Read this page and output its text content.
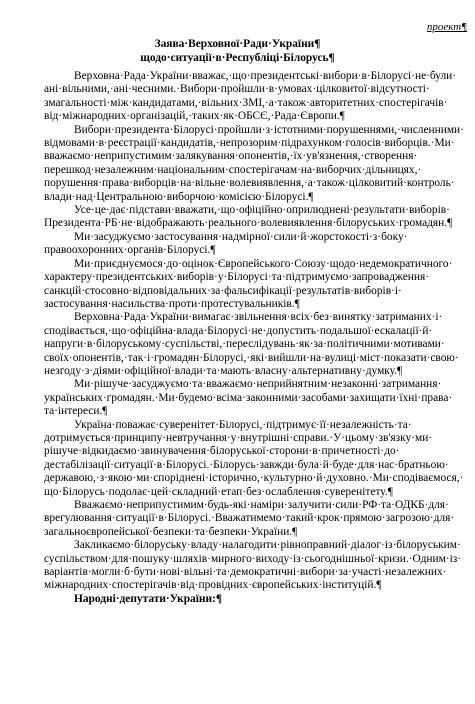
проект¶
Заява·Верховної·Ради·України¶
щодо·ситуації·в·Республіці·Білорусь¶

Верховна·​Рада·​України·​вважає,·​що·​президентські·​вибори·​в·​Білорусі·​не·​були·​ані·​вільними,·​ані·​чесними.·​Вибори·​пройшли·​в·​умовах·​цілковитої·​відсутності·​змагальності·​між·​кандидатами,·​вільних·​ЗМІ,·​а·​також·​авторитетних·​спостерігачів·​від·​міжнародних·​організацій,·​таких·​як·​ОБСЄ,·​Рада·​Європи.¶

Вибори·​президента·​Білорусі·​пройшли·​з·​істотними·​порушеннями,·​численними·​відмовами·​в·​реєстрації·​кандидатів,·​непрозорим·​підрахунком·​голосів·​виборців.·​Ми·​вважаємо·​неприпустимим·​залякування·​опонентів,·​їх·​ув'язнення,·​створення·​перешкод·​незалежним·​національним·​спостерігачам·​на·​виборчих·​дільницях,·​порушення·​права·​виборців·​на·​вільне·​волевиявлення,·​а·​також·​цілковитий·​контроль·​влади·​над·​Центральною·​виборчою·​комісією·​Білорусі.¶

Усе·​це·​дає·​підстави·​вважати,·​що·​офіційно·​оприлюднені·​результати·​виборів·​Президента·​РБ·​не·​відображають·​реального·​волевиявлення·​білоруських·​громадян.¶

Ми·​засуджуємо·​застосування·​надмірної·​сили·​й·​жорстокості·​з·​боку·​правоохоронних·​органів·​Білорусі.¶

Ми·​приєднуємося·​до·​оцінок·​Європейського·​Союзу·​щодо·​недемократичного·​характеру·​президентських·​виборів·​у·​Білорусі·​та·​підтримуємо·​запровадження·​санкцій·​стосовно·​відповідальних·​за·​фальсифікації·​результатів·​виборів·​і·​застосування·​насильства·​проти·​протестувальників.¶

Верховна·​Рада·​України·​вимагає·​звільнення·​всіх·​без·​винятку·​затриманих·​і·​сподівається,·​що·​офіційна·​влада·​Білорусі·​не·​допустить·​подальшої·​ескалації·​й·​напруги·​в·​білоруському·​суспільстві,·​переслідувань·​як·​за·​політичними·​мотивами·​своїх·​опонентів,·​так·​і·​громадян·​Білорусі,·​які·​вийшли·​на·​вулиці·​міст·​показати·​свою·​незгоду·​з·​діями·​офіційної·​влади·​та·​мають·​власну·​альтернативну·​думку.¶

Ми·​рішуче·​засуджуємо·​та·​вважаємо·​неприйнятним·​незаконні·​затримання·​українських·​громадян.·​Ми·​будемо·​всіма·​законними·​засобами·​захищати·​їхні·​права·​та·​інтереси.¶

Україна·​поважає·​суверенітет·​Білорусі,·​підтримує·​її·​незалежність·​та·​дотримується·​принципу·​невтручання·​у·​внутрішні·​справи.·​У·​цьому·​зв'язку·​ми·​рішуче·​відкидаємо·​звинувачення·​білоруської·​сторони·​в·​причетності·​до·​дестабілізації·​ситуації·​в·​Білорусі.·​Білорусь·​завжди·​була·​й·​буде·​для·​нас·​братньою·​державою,·​з·​якою·​ми·​споріднені·​історично,·​культурно·​й·​духовно.·​Ми·​сподіваємося,·​що·​Білорусь·​подолає·​цей·​складний·​етап·​без·​ослаблення·​суверенітету.¶

Вважаємо·​неприпустимим·​будь-які·​наміри·​залучити·​сили·​РФ·​та·​ОДКБ·​для·​врегулювання·​ситуації·​в·​Білорусі.·​Вважатимемо·​такий·​крок·​прямою·​загрозою·​для·​загальноєвропейської·​безпеки·​та·​безпеки·​України.¶

Закликаємо·​білоруську·​владу·​налагодити·​рівноправний·​діалог·​із·​білоруським·​суспільством·​для·​пошуку·​шляхів·​мирного·​виходу·​із·​сьогоднішньої·​кризи.·​Одним·​із·​варіантів·​могли·​б·​бути·​нові·​вільні·​та·​демократичні·​вибори·​за·​участі·​незалежних·​міжнародних·​спостерігачів·​від·​провідних·​європейських·​інституцій.¶

Народні·​депутати·​України:¶
